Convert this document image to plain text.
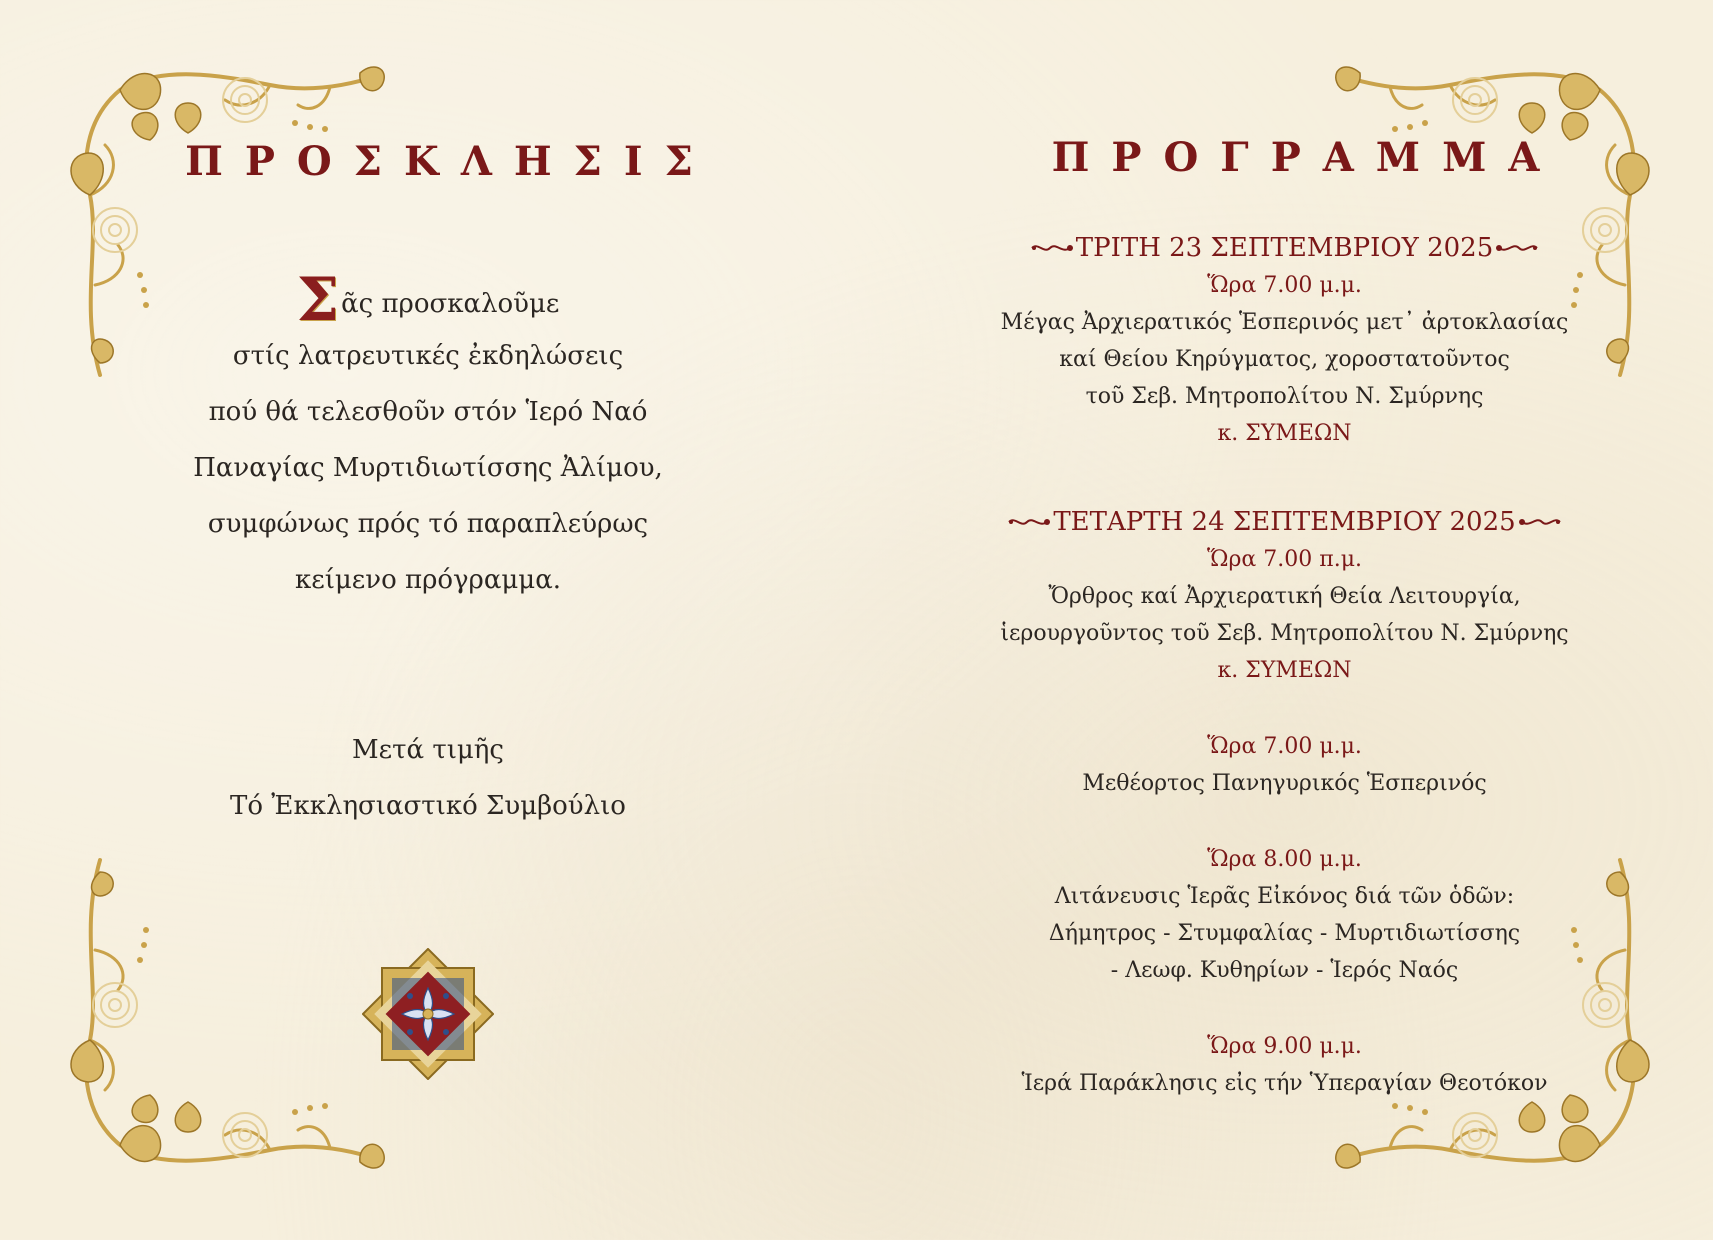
ΠΡΟΣΚΛΗΣΙΣ
Σᾶς προσκαλοῦμε
στίς λατρευτικές ἐκδηλώσεις
πού θά τελεσθοῦν στόν Ἱερό Ναό
Παναγίας Μυρτιδιωτίσσης Ἀλίμου,
συμφώνως πρός τό παραπλεύρως
κείμενο πρόγραμμα.
Μετά τιμῆς
Τό Ἐκκλησιαστικό Συμβούλιο
ΠΡΟΓΡΑΜΜΑ
ΤΡΙΤΗ 23 ΣΕΠΤΕΜΒΡΙΟΥ 2025
Ὥρα 7.00 μ.μ.
Μέγας Ἀρχιερατικός Ἑσπερινός μετ᾽ ἀρτοκλασίας
καί Θείου Κηρύγματος, χοροστατοῦντος
τοῦ Σεβ. Μητροπολίτου Ν. Σμύρνης
κ. ΣΥΜΕΩΝ
ΤΕΤΑΡΤΗ 24 ΣΕΠΤΕΜΒΡΙΟΥ 2025
Ὥρα 7.00 π.μ.
Ὄρθρος καί Ἀρχιερατική Θεία Λειτουργία,
ἱερουργοῦντος τοῦ Σεβ. Μητροπολίτου Ν. Σμύρνης
κ. ΣΥΜΕΩΝ
Ὥρα 7.00 μ.μ.
Μεθέορτος Πανηγυρικός Ἑσπερινός
Ὥρα 8.00 μ.μ.
Λιτάνευσις Ἱερᾶς Εἰκόνος διά τῶν ὁδῶν:
Δήμητρος - Στυμφαλίας - Μυρτιδιωτίσσης
- Λεωφ. Κυθηρίων - Ἱερός Ναός
Ὥρα 9.00 μ.μ.
Ἱερά Παράκλησις εἰς τήν Ὑπεραγίαν Θεοτόκον
